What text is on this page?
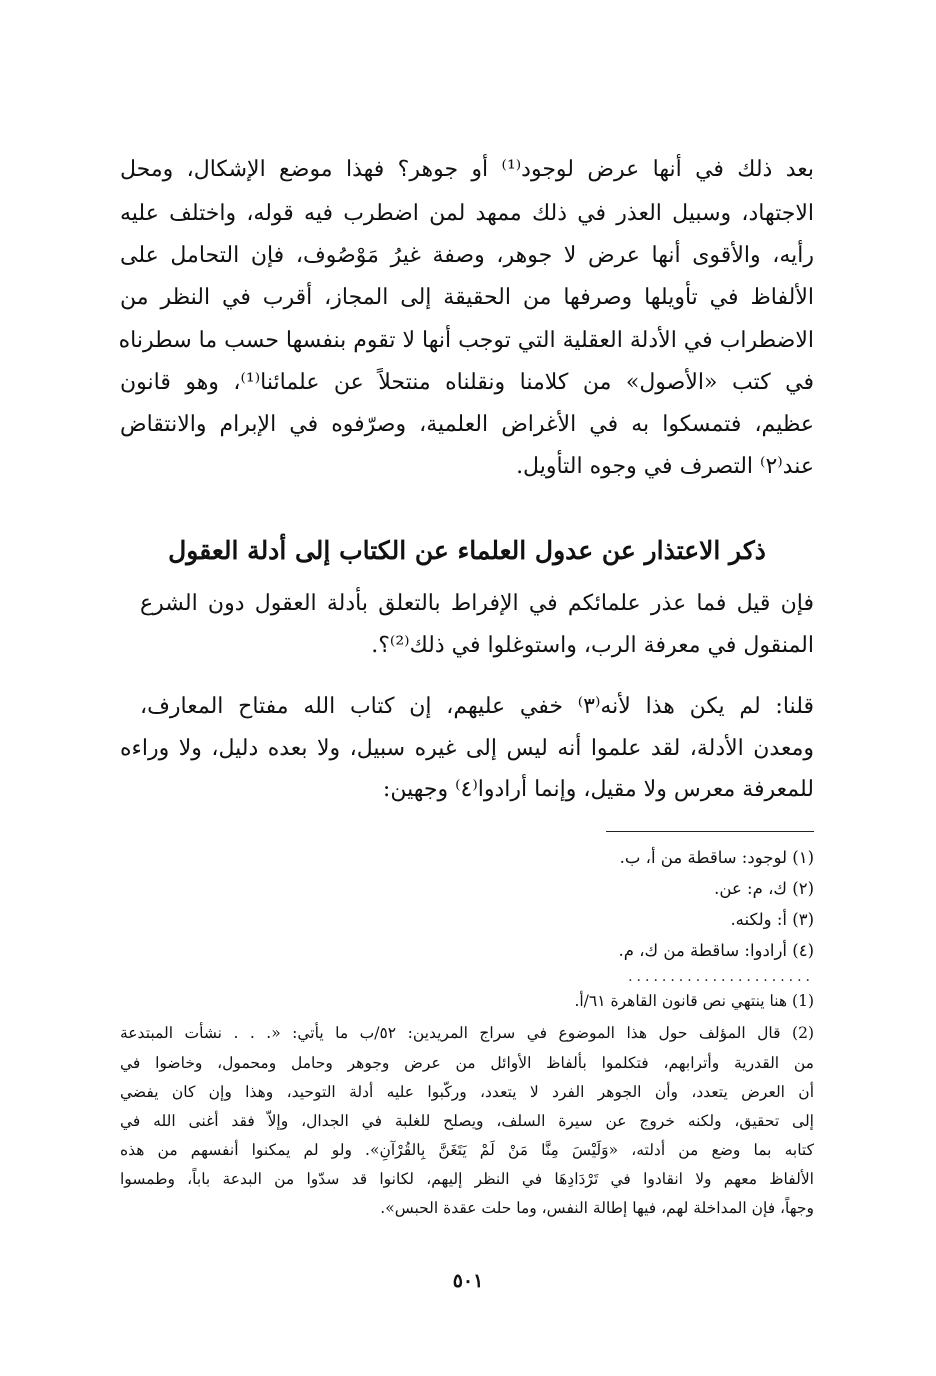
بعد ذلك في أنها عرض لوجود⁽¹⁾ أو جوهر؟ فهذا موضع الإشكال، ومحل
الاجتهاد، وسبيل العذر في ذلك ممهد لمن اضطرب فيه قوله، واختلف عليه
رأيه، والأقوى أنها عرض لا جوهر، وصفة غيرُ مَوْصُوف، فإن التحامل على
الألفاظ في تأويلها وصرفها من الحقيقة إلى المجاز، أقرب في النظر من
الاضطراب في الأدلة العقلية التي توجب أنها لا تقوم بنفسها حسب ما سطرناه
في كتب «الأصول» من كلامنا ونقلناه منتحلاً عن علمائنا⁽¹⁾، وهو قانون
عظيم، فتمسكوا به في الأغراض العلمية، وصرّفوه في الإبرام والانتقاض
عند⁽٢⁾ التصرف في وجوه التأويل.
ذكر الاعتذار عن عدول العلماء عن الكتاب إلى أدلة العقول
فإن قيل فما عذر علمائكم في الإفراط بالتعلق بأدلة العقول دون الشرع
المنقول في معرفة الرب، واستوغلوا في ذلك⁽²⁾؟.
قلنا: لم يكن هذا لأنه⁽٣⁾ خفي عليهم، إن كتاب الله مفتاح المعارف،
ومعدن الأدلة، لقد علموا أنه ليس إلى غيره سبيل، ولا بعده دليل، ولا وراءه
للمعرفة معرس ولا مقيل، وإنما أرادوا⁽٤⁾ وجهين:
(١) لوجود: ساقطة من أ، ب.
(٢) ك، م: عن.
(٣) أ: ولكنه.
(٤) أرادوا: ساقطة من ك، م.
......................
(1) هنا ينتهي نص قانون القاهرة ٦١/أ.
(2) قال المؤلف حول هذا الموضوع في سراج المريدين: ٥٢/ب ما يأتي: «. . . نشأت المبتدعة
من القدرية وأترابهم، فتكلموا بألفاظ الأوائل من عرض وجوهر وحامل ومحمول، وخاضوا في
أن العرض يتعدد، وأن الجوهر الفرد لا يتعدد، وركّبوا عليه أدلة التوحيد، وهذا وإن كان يفضي
إلى تحقيق، ولكنه خروج عن سيرة السلف، ويصلح للغلبة في الجدال، وإلاّ فقد أغنى الله في
كتابه بما وضع من أدلته، «وَلَيْسَ مِنَّا مَنْ لَمْ يَتَغَنَّ بِالقُرْآنِ». ولو لم يمكنوا أنفسهم من هذه
الألفاظ معهم ولا انقادوا في تَرْدَادِهَا في النظر إليهم، لكانوا قد سدّوا من البدعة باباً، وطمسوا
وجهاً، فإن المداخلة لهم، فيها إطالة النفس، وما حلت عقدة الحبس».
٥٠١
